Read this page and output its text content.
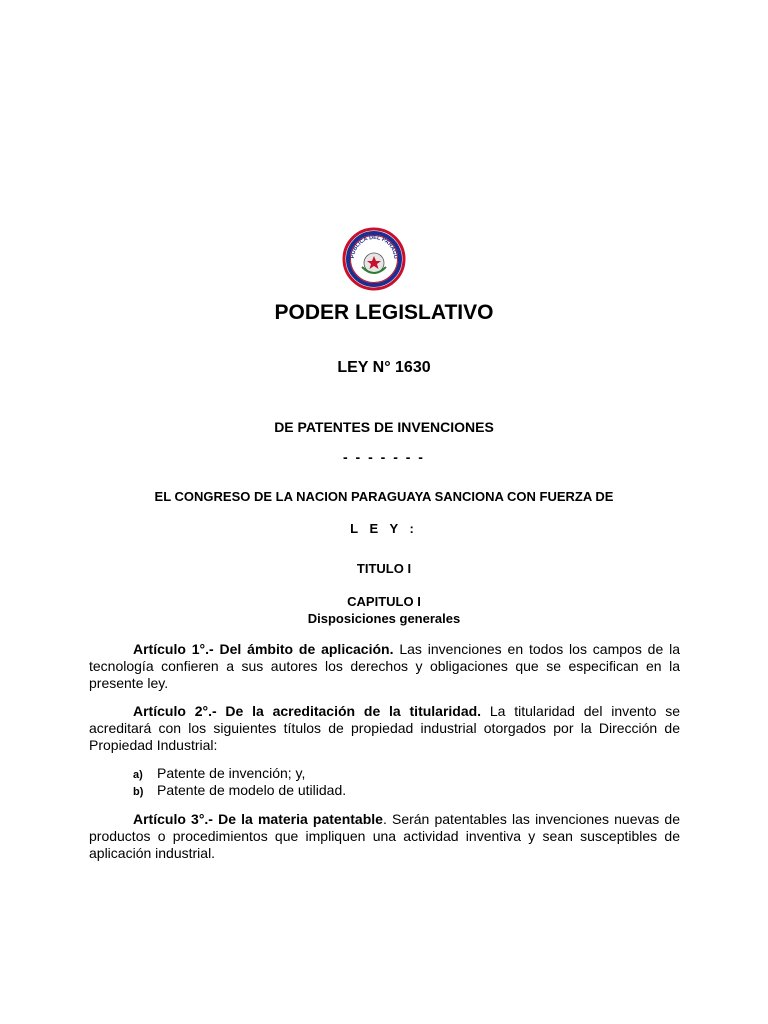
PUBLICA DEL PARAGU
PODER LEGISLATIVO
LEY N° 1630
DE PATENTES DE INVENCIONES
- - - - - - -
EL CONGRESO DE LA NACION PARAGUAYA SANCIONA CON FUERZA DE
L E Y :
TITULO I
CAPITULO I
Disposiciones generales
Artículo 1°.- Del ámbito de aplicación. Las invenciones en todos los campos de la tecnología confieren a sus autores los derechos y obligaciones que se especifican en la presente ley.
Artículo 2°.- De la acreditación de la titularidad. La titularidad del invento se acreditará con los siguientes títulos de propiedad industrial otorgados por la Dirección de Propiedad Industrial:
a)	Patente de invención; y,
b) Patente de modelo de utilidad.
Artículo 3°.- De la materia patentable. Serán patentables las invenciones nuevas de productos o procedimientos que impliquen una actividad inventiva y sean susceptibles de aplicación industrial.
